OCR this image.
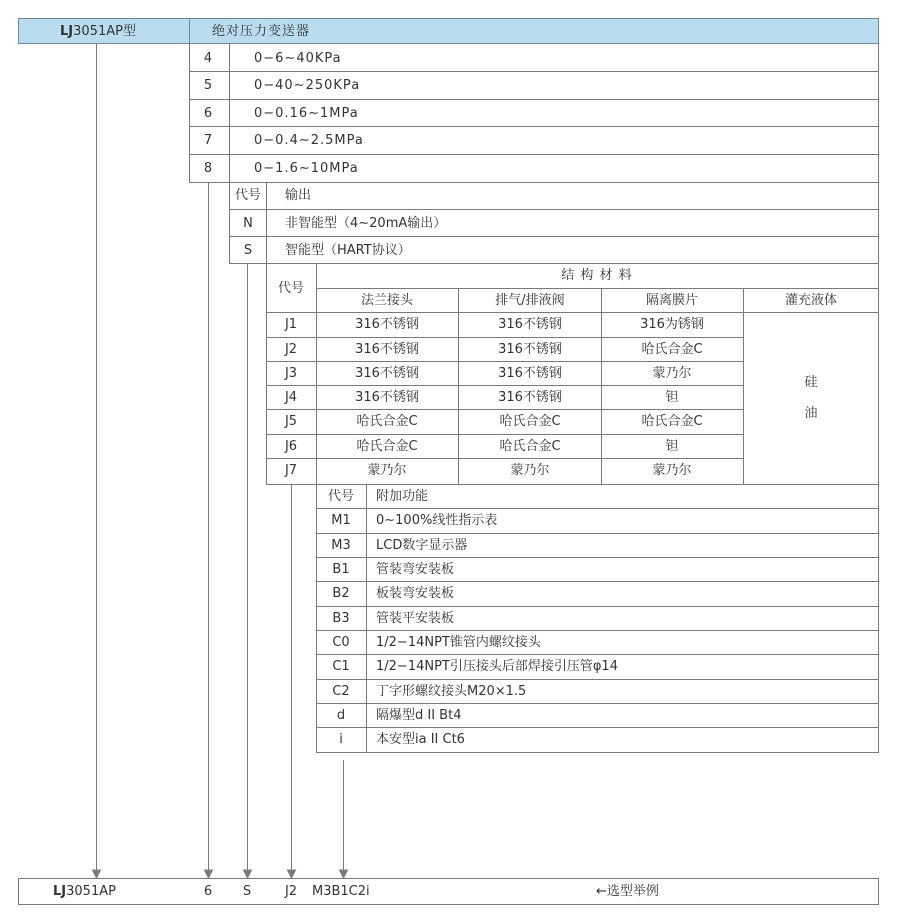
LJ3051AP型	绝对压力变送器
4	0−6∼40KPa
5	0−40∼250KPa
6	0−0.16∼1MPa
7	0−0.4∼2.5MPa
8	0−1.6∼10MPa
代号 输出
N 非智能型（4∼20mA输出）
S	智能型（HART协议）
代号
结 构 材 料
法兰接头	排气/排液阀	隔离膜片	灌充液体
硅
油
J1	316不锈钢	316不锈钢	316为锈钢
J2	316不锈钢	316不锈钢	哈氏合金C
J3	316不锈钢	316不锈钢	蒙乃尔
J4	316不锈钢	316不锈钢	钽
J5	哈氏合金C	哈氏合金C	哈氏合金C
J6	哈氏合金C	哈氏合金C	钽
J7	蒙乃尔	蒙乃尔	蒙乃尔
代号 附加功能
M1 0∼100%线性指示表
M3 LCD数字显示器
B1 管装弯安装板
B2 板装弯安装板
B3 管装平安装板
C0 1/2−14NPT锥管内螺纹接头
C1 1/2−14NPT引压接头后部焊接引压管φ14
C2 丁字形螺纹接头M20×1.5
d 隔爆型d II Bt4
i	本安型ia II Ct6
LJ3051AP	6 S	J2 M3B1C2i	←选型举例
